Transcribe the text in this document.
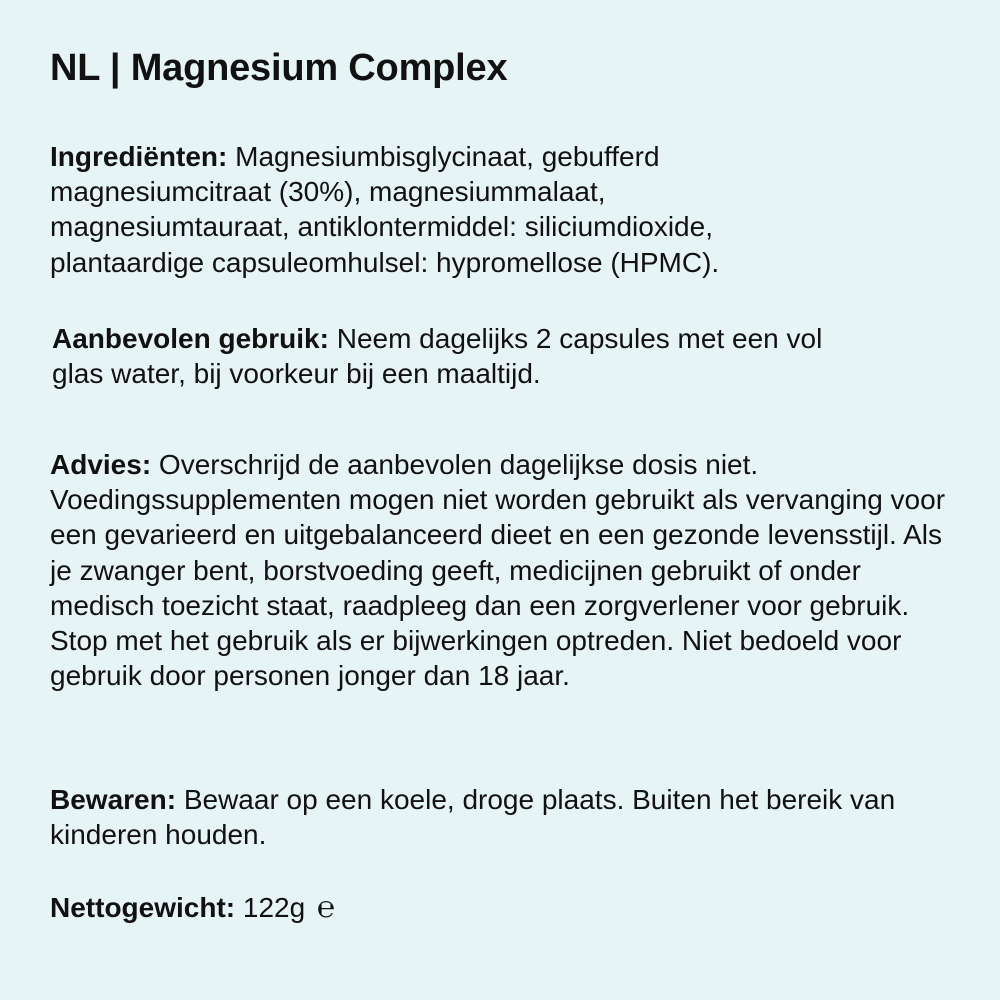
NL | Magnesium Complex

Ingrediënten: Magnesiumbisglycinaat, gebufferd magnesiumcitraat (30%), magnesiummalaat, magnesiumtauraat, antiklontermiddel: siliciumdioxide, plantaardige capsuleomhulsel: hypromellose (HPMC).

Aanbevolen gebruik: Neem dagelijks 2 capsules met een vol glas water, bij voorkeur bij een maaltijd.

Advies: Overschrijd de aanbevolen dagelijkse dosis niet. Voedingssupplementen mogen niet worden gebruikt als vervanging voor een gevarieerd en uitgebalanceerd dieet en een gezonde levensstijl. Als je zwanger bent, borstvoeding geeft, medicijnen gebruikt of onder medisch toezicht staat, raadpleeg dan een zorgverlener voor gebruik. Stop met het gebruik als er bijwerkingen optreden. Niet bedoeld voor gebruik door personen jonger dan 18 jaar.

Bewaren: Bewaar op een koele, droge plaats. Buiten het bereik van kinderen houden.

Nettogewicht: 122g ℮
